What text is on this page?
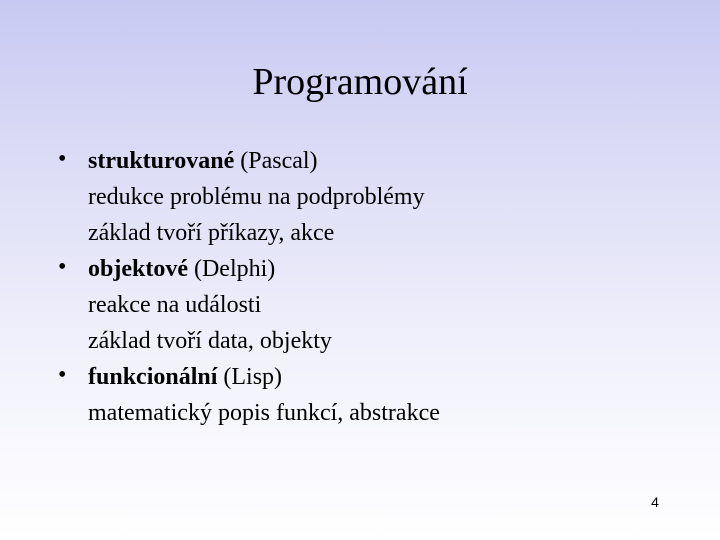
Programování
• strukturované (Pascal)
redukce problému na podproblémy
základ tvoří příkazy, akce
• objektové (Delphi)
reakce na události
základ tvoří data, objekty
• funkcionální (Lisp)
matematický popis funkcí, abstrakce
4
